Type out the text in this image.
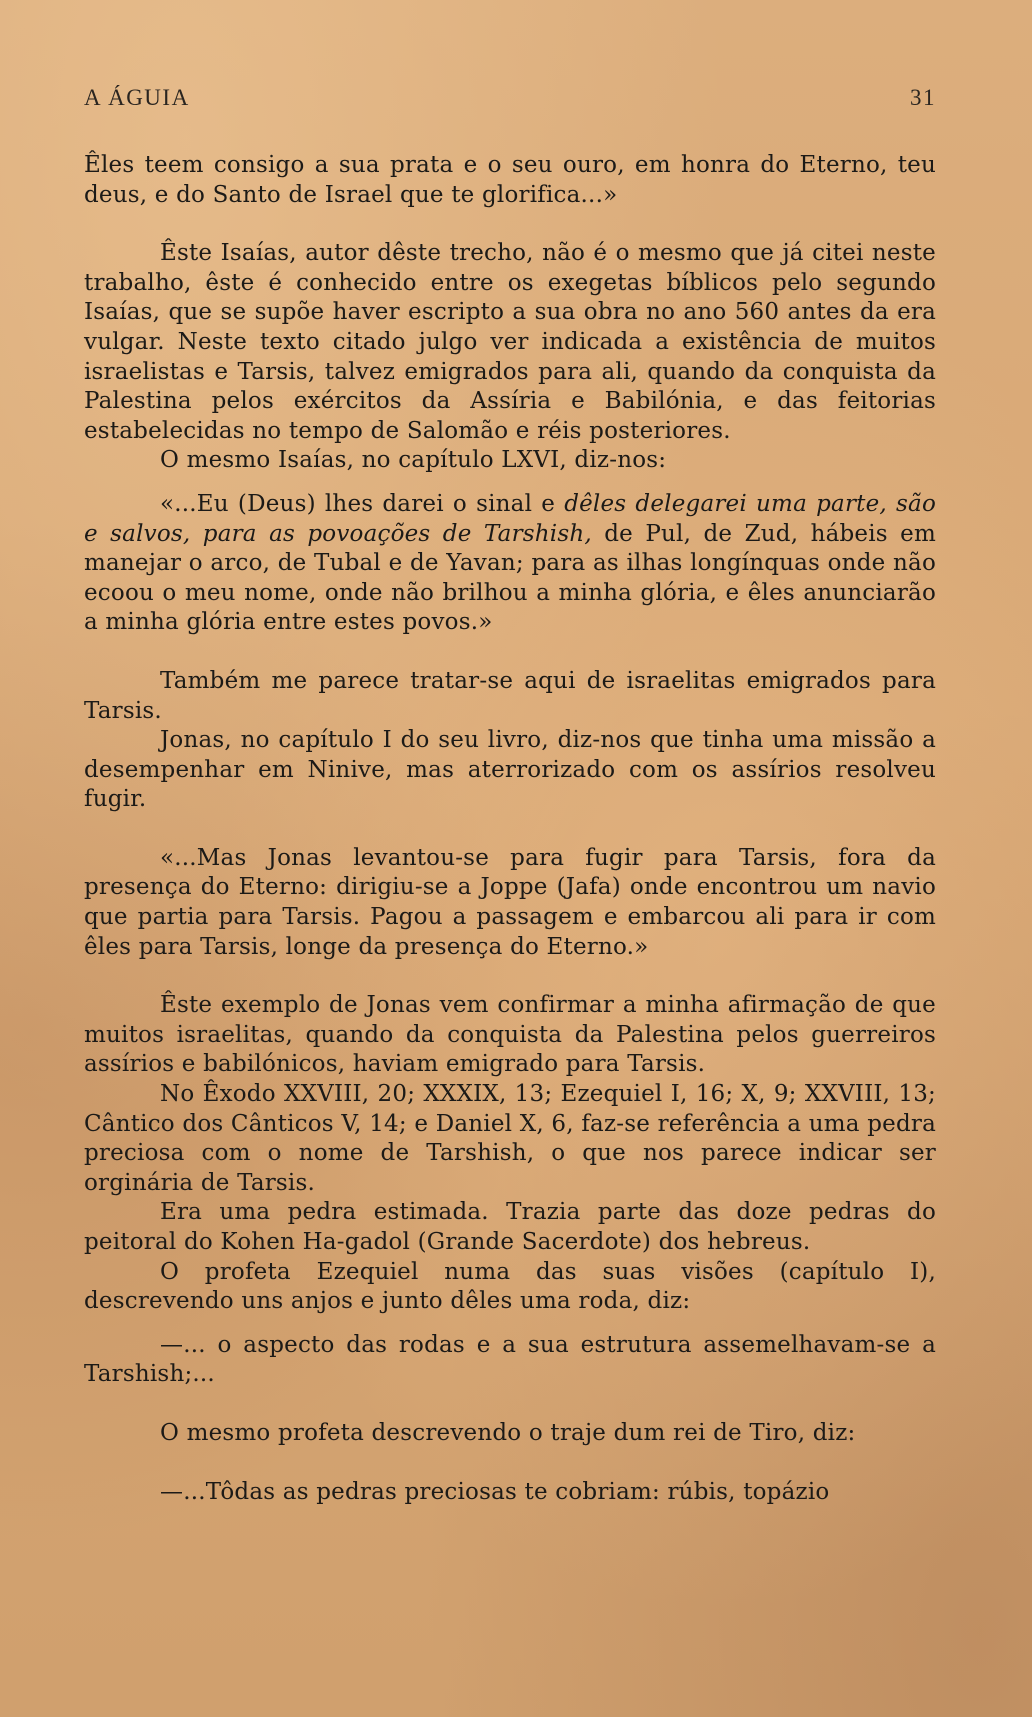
A ÁGUIA	31

Êles teem consigo a sua prata e o seu ouro, em honra do Eterno, teu deus, e do Santo de Israel que te glorifica...»

Êste Isaías, autor dêste trecho, não é o mesmo que já citei neste trabalho, êste é conhecido entre os exegetas bíblicos pelo segundo Isaías, que se supõe haver escripto a sua obra no ano 560 antes da era vulgar. Neste texto citado julgo ver indicada a existência de muitos israelistas e Tarsis, talvez emigrados para ali, quando da conquista da Palestina pelos exércitos da Assíria e Babilónia, e das feitorias estabelecidas no tempo de Salomão e réis posteriores.

O mesmo Isaías, no capítulo LXVI, diz-nos:

«...Eu (Deus) lhes darei o sinal e dêles delegarei uma parte, são e salvos, para as povoações de Tarshish, de Pul, de Zud, hábeis em manejar o arco, de Tubal e de Yavan; para as ilhas longínquas onde não ecoou o meu nome, onde não brilhou a minha glória, e êles anunciarão a minha glória entre estes povos.»

Também me parece tratar-se aqui de israelitas emigrados para Tarsis.

Jonas, no capítulo I do seu livro, diz-nos que tinha uma missão a desempenhar em Ninive, mas aterrorizado com os assírios resolveu fugir.

«...Mas Jonas levantou-se para fugir para Tarsis, fora da presença do Eterno: dirigiu-se a Joppe (Jafa) onde encontrou um navio que partia para Tarsis. Pagou a passagem e embarcou ali para ir com êles para Tarsis, longe da presença do Eterno.»

Êste exemplo de Jonas vem confirmar a minha afirmação de que muitos israelitas, quando da conquista da Palestina pelos guerreiros assírios e babilónicos, haviam emigrado para Tarsis.

No Êxodo XXVIII, 20; XXXIX, 13; Ezequiel I, 16; X, 9; XXVIII, 13; Cântico dos Cânticos V, 14; e Daniel X, 6, faz-se referência a uma pedra preciosa com o nome de Tarshish, o que nos parece indicar ser orginária de Tarsis.

Era uma pedra estimada. Trazia parte das doze pedras do peitoral do Kohen Ha-gadol (Grande Sacerdote) dos hebreus.

O profeta Ezequiel numa das suas visões (capítulo I), descrevendo uns anjos e junto dêles uma roda, diz:

—... o aspecto das rodas e a sua estrutura assemelhavam-se a Tarshish;...

O mesmo profeta descrevendo o traje dum rei de Tiro, diz:

—...Tôdas as pedras preciosas te cobriam: rúbis, topázio
